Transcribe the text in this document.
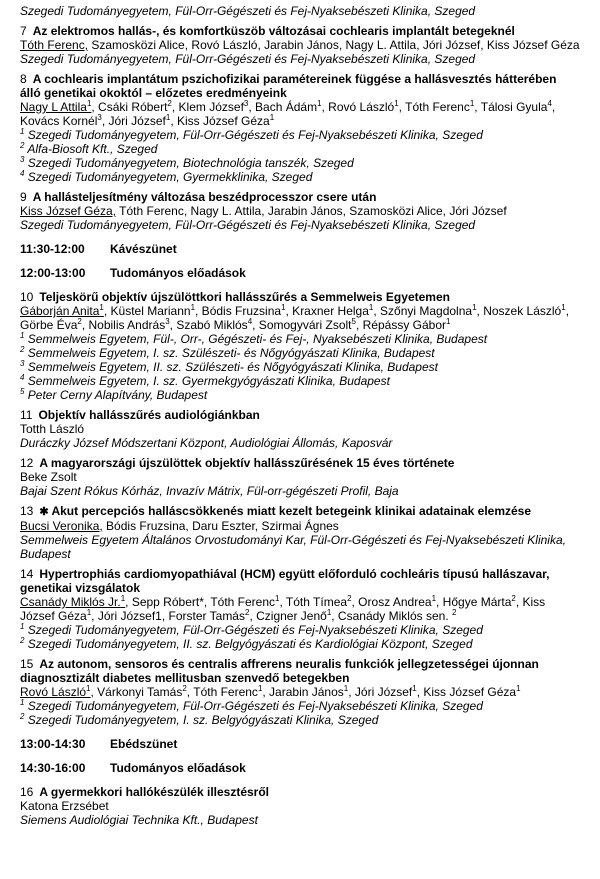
Szegedi Tudományegyetem, Fül-Orr-Gégészeti és Fej-Nyaksebészeti Klinika, Szeged
7 Az elektromos hallás-, és komfortküszöb változásai cochlearis implantált betegeknél
Tóth Ferenc, Szamosközi Alice, Rovó László, Jarabin János, Nagy L. Attila, Jóri József, Kiss József Géza
Szegedi Tudományegyetem, Fül-Orr-Gégészeti és Fej-Nyaksebészeti Klinika, Szeged
8 A cochlearis implantátum pszichofizikai paramétereinek függése a hallásvesztés hátterében álló genetikai okoktól – előzetes eredményeink
Nagy L Attila$^1$, Csáki Róbert$^2$, Klem József$^3$, Bach Ádám$^1$, Rovó László$^1$, Tóth Ferenc$^1$, Tálosi Gyula$^4$, Kovács Kornél$^3$, Jóri József$^1$, Kiss József Géza$^1$
$^1$ Szegedi Tudományegyetem, Fül-Orr-Gégészeti és Fej-Nyaksebészeti Klinika, Szeged
$^2$ Alfa-Biosoft Kft., Szeged
$^3$ Szegedi Tudományegyetem, Biotechnológia tanszék, Szeged
$^4$ Szegedi Tudományegyetem, Gyermekklinika, Szeged
9 A hallásteljesítmény változása beszédprocesszor csere után
Kiss József Géza, Tóth Ferenc, Nagy L. Attila, Jarabin János, Szamosközi Alice, Jóri József
Szegedi Tudományegyetem, Fül-Orr-Gégészeti és Fej-Nyaksebészeti Klinika, Szeged
11:30-12:00	Kávészünet
12:00-13:00	Tudományos előadások
10 Teljeskörű objektív újszülöttkori hallásszűrés a Semmelweis Egyetemen
Gáborján Anita$^1$, Küstel Mariann$^1$, Bódis Fruzsina$^1$, Kraxner Helga$^1$, Szőnyi Magdolna$^1$, Noszek László$^1$, Görbe Éva$^2$, Nobilis András$^3$, Szabó Miklós$^4$, Somogyvári Zsolt$^5$, Répássy Gábor$^1$
$^1$ Semmelweis Egyetem, Fül-, Orr-, Gégészeti- és Fej-, Nyaksebészeti Klinika, Budapest
$^2$ Semmelweis Egyetem, I. sz. Szülészeti- és Nőgyógyászati Klinika, Budapest
$^3$ Semmelweis Egyetem, II. sz. Szülészeti- és Nőgyógyászati Klinika, Budapest
$^4$ Semmelweis Egyetem, I. sz. Gyermekgyógyászati Klinika, Budapest
$^5$ Peter Cerny Alapítvány, Budapest
11 Objektív hallásszűrés audiológiánkban
Totth László
Duráczky József Módszertani Központ, Audiológiai Állomás, Kaposvár
12 A magyarországi újszülöttek objektív hallásszűrésének 15 éves története
Beke Zsolt
Bajai Szent Rókus Kórház, Invazív Mátrix, Fül-orr-gégészeti Profil, Baja
13 ✱ Akut percepciós halláscsökkenés miatt kezelt betegeink klinikai adatainak elemzése
Bucsi Veronika, Bódis Fruzsina, Daru Eszter, Szirmai Ágnes
Semmelweis Egyetem Általános Orvostudományi Kar, Fül-Orr-Gégészeti és Fej-Nyaksebészeti Klinika, Budapest
14 Hypertrophiás cardiomyopathiával (HCM) együtt előforduló cochleáris típusú hallászavar, genetikai vizsgálatok
Csanády Miklós Jr.$^1$, Sepp Róbert*, Tóth Ferenc$^1$, Tóth Tímea$^2$, Orosz Andrea$^1$, Hőgye Márta$^2$, Kiss József Géza$^1$, Jóri József1, Forster Tamás$^2$, Czigner Jenő$^1$, Csanády Miklós sen. $^2$
$^1$ Szegedi Tudományegyetem, Fül-Orr-Gégészeti és Fej-Nyaksebészeti Klinika, Szeged
$^2$ Szegedi Tudományegyetem, II. sz. Belgyógyászati és Kardiológiai Központ, Szeged
15 Az autonom, sensoros és centralis affrerens neuralis funkciók jellegzetességei újonnan diagnosztizált diabetes mellitusban szenvedő betegekben
Rovó László$^1$, Várkonyi Tamás$^2$, Tóth Ferenc$^1$, Jarabin János$^1$, Jóri József$^1$, Kiss József Géza$^1$
$^1$ Szegedi Tudományegyetem, Fül-Orr-Gégészeti és Fej-Nyaksebészeti Klinika, Szeged
$^2$ Szegedi Tudományegyetem, I. sz. Belgyógyászati Klinika, Szeged
13:00-14:30	Ebédszünet
14:30-16:00	Tudományos előadások
16 A gyermekkori hallókészülék illesztésről
Katona Erzsébet
Siemens Audiológiai Technika Kft., Budapest
